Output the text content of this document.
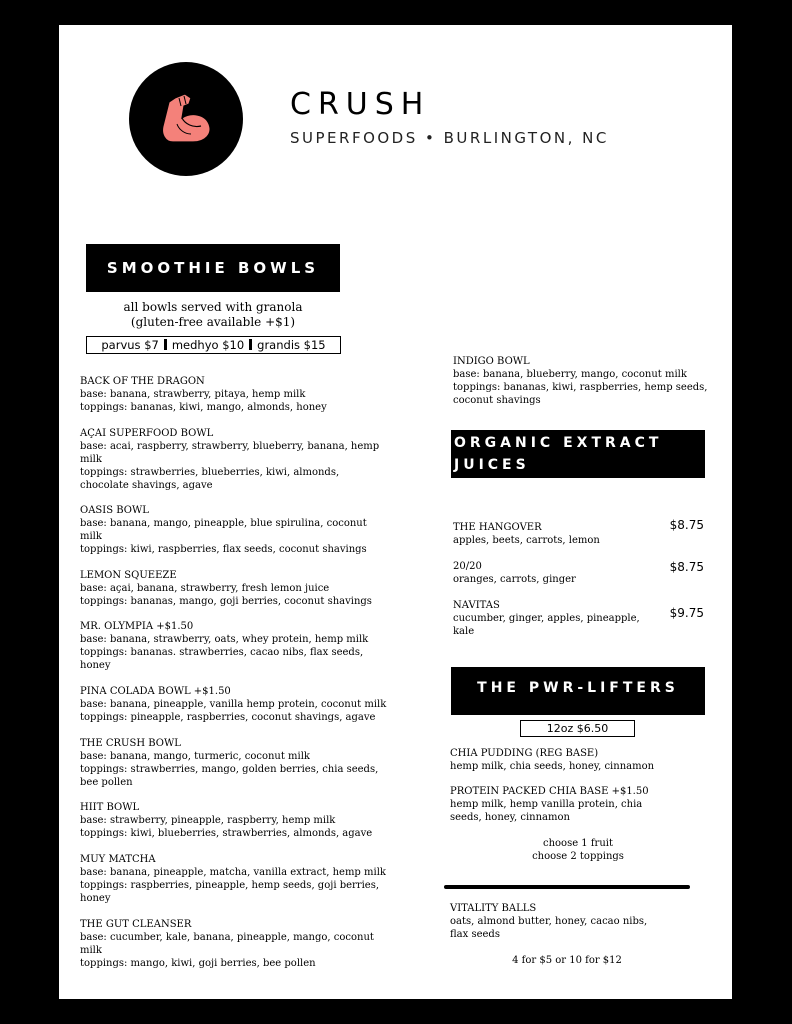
CRUSH
SUPERFOODS • BURLINGTON, NC
SMOOTHIE BOWLS
all bowls served with granola
(gluten-free available +$1)
parvus $7 medhyo $10 grandis $15
BACK OF THE DRAGON
base: banana, strawberry, pitaya, hemp milk
toppings: bananas, kiwi, mango, almonds, honey
AÇAI SUPERFOOD BOWL
base: acai, raspberry, strawberry, blueberry, banana, hemp milk
toppings: strawberries, blueberries, kiwi, almonds, chocolate shavings, agave
OASIS BOWL
base: banana, mango, pineapple, blue spirulina, coconut milk
toppings: kiwi, raspberries, flax seeds, coconut shavings
LEMON SQUEEZE
base: açai, banana, strawberry, fresh lemon juice
toppings: bananas, mango, goji berries, coconut shavings
MR. OLYMPIA +$1.50
base: banana, strawberry, oats, whey protein, hemp milk
toppings: bananas. strawberries, cacao nibs, flax seeds, honey
PINA COLADA BOWL +$1.50
base: banana, pineapple, vanilla hemp protein, coconut milk
toppings: pineapple, raspberries, coconut shavings, agave
THE CRUSH BOWL
base: banana, mango, turmeric, coconut milk
toppings: strawberries, mango, golden berries, chia seeds, bee pollen
HIIT BOWL
base: strawberry, pineapple, raspberry, hemp milk
toppings: kiwi, blueberries, strawberries, almonds, agave
MUY MATCHA
base: banana, pineapple, matcha, vanilla extract, hemp milk
toppings: raspberries, pineapple, hemp seeds, goji berries, honey
THE GUT CLEANSER
base: cucumber, kale, banana, pineapple, mango, coconut milk
toppings: mango, kiwi, goji berries, bee pollen
INDIGO BOWL
base: banana, blueberry, mango, coconut milk
toppings: bananas, kiwi, raspberries, hemp seeds, coconut shavings
ORGANIC EXTRACT JUICES
THE HANGOVER
apples, beets, carrots, lemon
$8.75
20/20
oranges, carrots, ginger
$8.75
NAVITAS
cucumber, ginger, apples, pineapple, kale
$9.75
THE PWR-LIFTERS
12oz $6.50
CHIA PUDDING (REG BASE)
hemp milk, chia seeds, honey, cinnamon
PROTEIN PACKED CHIA BASE +$1.50
hemp milk, hemp vanilla protein, chia seeds, honey, cinnamon
choose 1 fruit
choose 2 toppings
VITALITY BALLS
oats, almond butter, honey, cacao nibs, flax seeds
4 for $5 or 10 for $12
